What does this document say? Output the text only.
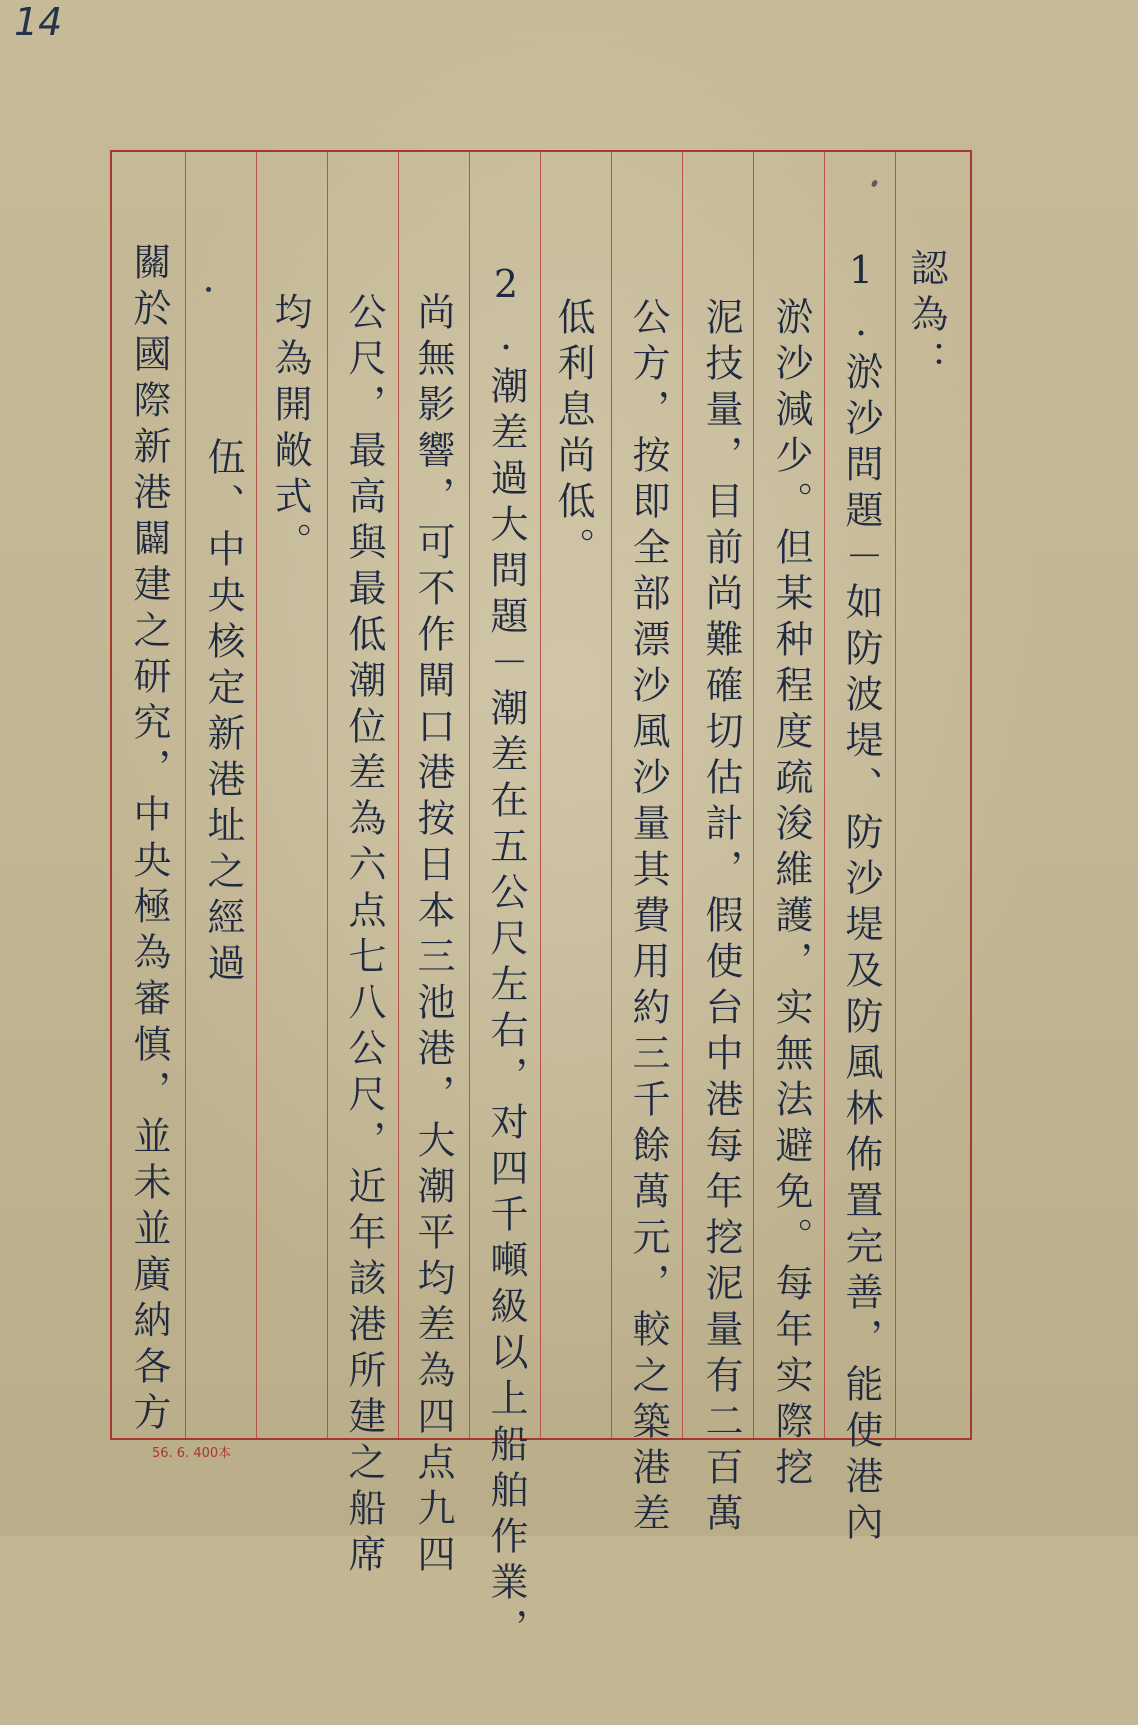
14
認為：
1.淤沙問題－如防波堤、防沙堤及防風林佈置完善，能使港內
淤沙減少。但某种程度疏浚維護，实無法避免。每年实際挖
泥技量，目前尚難確切估計，假使台中港每年挖泥量有二百萬
公方，按即全部漂沙風沙量其費用約三千餘萬元，較之築港差
低利息尚低。
2.潮差過大問題－潮差在五公尺左右，对四千噸級以上船舶作業，
尚無影響，可不作閘口港按日本三池港，大潮平均差為四点九四
公尺，最高與最低潮位差為六点七八公尺，近年該港所建之船席
均為開敞式。
伍、中央核定新港址之經過
關於國際新港闢建之研究，中央極為審慎，並未並廣納各方
56. 6. 400本
